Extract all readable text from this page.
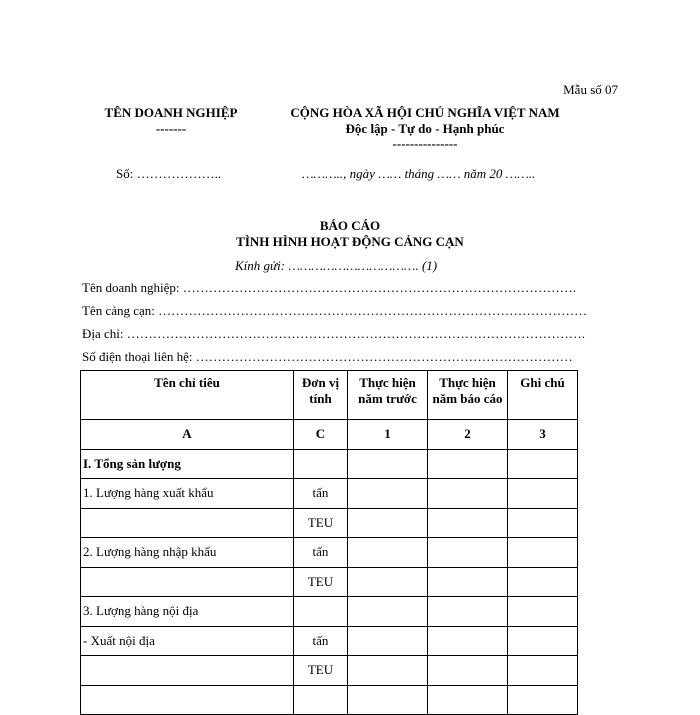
Mẫu số 07
TÊN DOANH NGHIỆP
-------
CỘNG HÒA XÃ HỘI CHỦ NGHĨA VIỆT NAM
Độc lập - Tự do - Hạnh phúc
---------------
Số: ………………..	……….., ngày …… tháng …… năm 20 ……..
BÁO CÁO
TÌNH HÌNH HOẠT ĐỘNG CẢNG CẠN
Kính gửi: ……………………………. (1)
Tên doanh nghiệp: ……………………………………………………………………………….
Tên cảng cạn: ………………………………………………………………………………………
Địa chỉ: …………………………………………………………………………………………….
Số điện thoại liên hệ: ……………………………………………………………………………
Tên chỉ tiêu	Đơn vị tính	Thực hiện năm trước	Thực hiện năm báo cáo	Ghi chú
A	C	1	2	3
I. Tổng sản lượng				
1. Lượng hàng xuất khẩu	tấn			
	TEU			
2. Lượng hàng nhập khẩu	tấn			
	TEU			
3. Lượng hàng nội địa				
- Xuất nội địa	tấn			
	TEU			
